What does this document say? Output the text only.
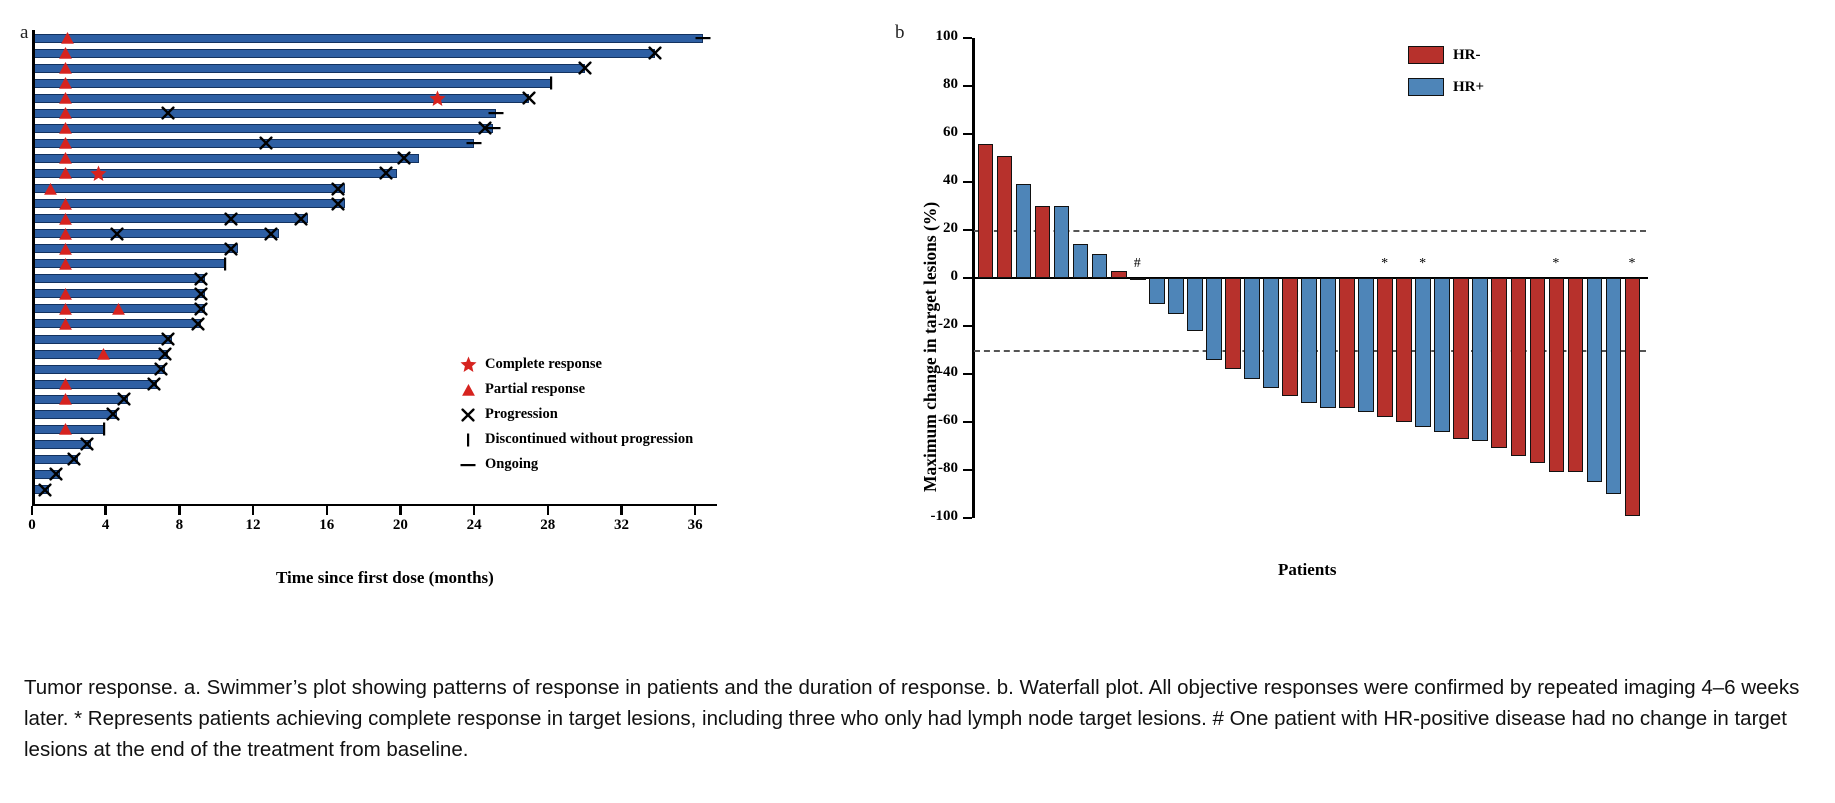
a
0	4	8	12	16	20	24	28	32	36
Complete response
Partial response
Progression
Discontinued without progression
Ongoing
Time since first dose (months)
b
-100
-80
-60
-40
-20
0
20
40
60
80
100
#	* *	*	*
HR-
HR+
Maximum change in target lesions (%)
Patients
Tumor response. a. Swimmer’s plot showing patterns of response in patients and the duration of response. b. Waterfall plot. All objective responses were confirmed by repeated imaging 4–6 weeks later. * Represents patients achieving complete response in target lesions, including three who only had lymph node target lesions. # One patient with HR-positive disease had no change in target lesions at the end of the treatment from baseline.
